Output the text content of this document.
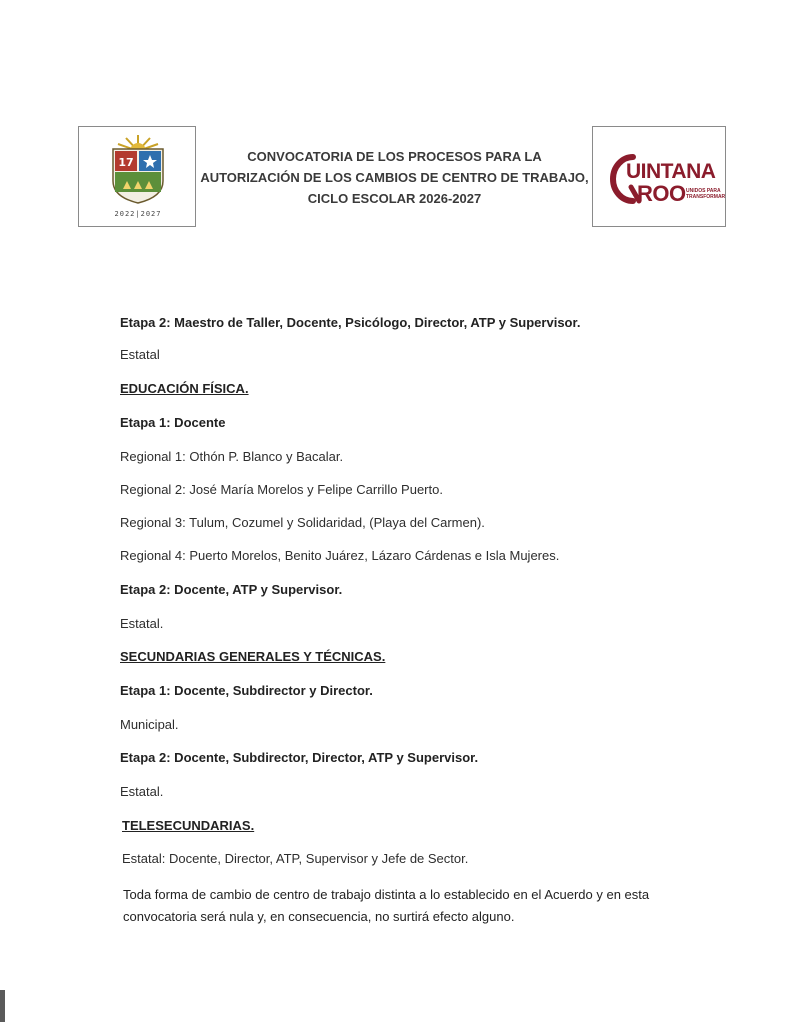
17
2022|2027
CONVOCATORIA DE LOS PROCESOS PARA LA
AUTORIZACIÓN DE LOS CAMBIOS DE CENTRO DE TRABAJO,
CICLO ESCOLAR 2026-2027
UINTANA
ROO UNIDOS PARA
TRANSFORMAR
Etapa 2: Maestro de Taller, Docente, Psicólogo, Director, ATP y Supervisor.
Estatal
EDUCACIÓN FÍSICA.
Etapa 1: Docente
Regional 1: Othón P. Blanco y Bacalar.
Regional 2: José María Morelos y Felipe Carrillo Puerto.
Regional 3: Tulum, Cozumel y Solidaridad, (Playa del Carmen).
Regional 4: Puerto Morelos, Benito Juárez, Lázaro Cárdenas e Isla Mujeres.
Etapa 2: Docente, ATP y Supervisor.
Estatal.
SECUNDARIAS GENERALES Y TÉCNICAS.
Etapa 1: Docente, Subdirector y Director.
Municipal.
Etapa 2: Docente, Subdirector, Director, ATP y Supervisor.
Estatal.
TELESECUNDARIAS.
Estatal: Docente, Director, ATP, Supervisor y Jefe de Sector.
Toda forma de cambio de centro de trabajo distinta a lo establecido en el Acuerdo y en esta
convocatoria será nula y, en consecuencia, no surtirá efecto alguno.
